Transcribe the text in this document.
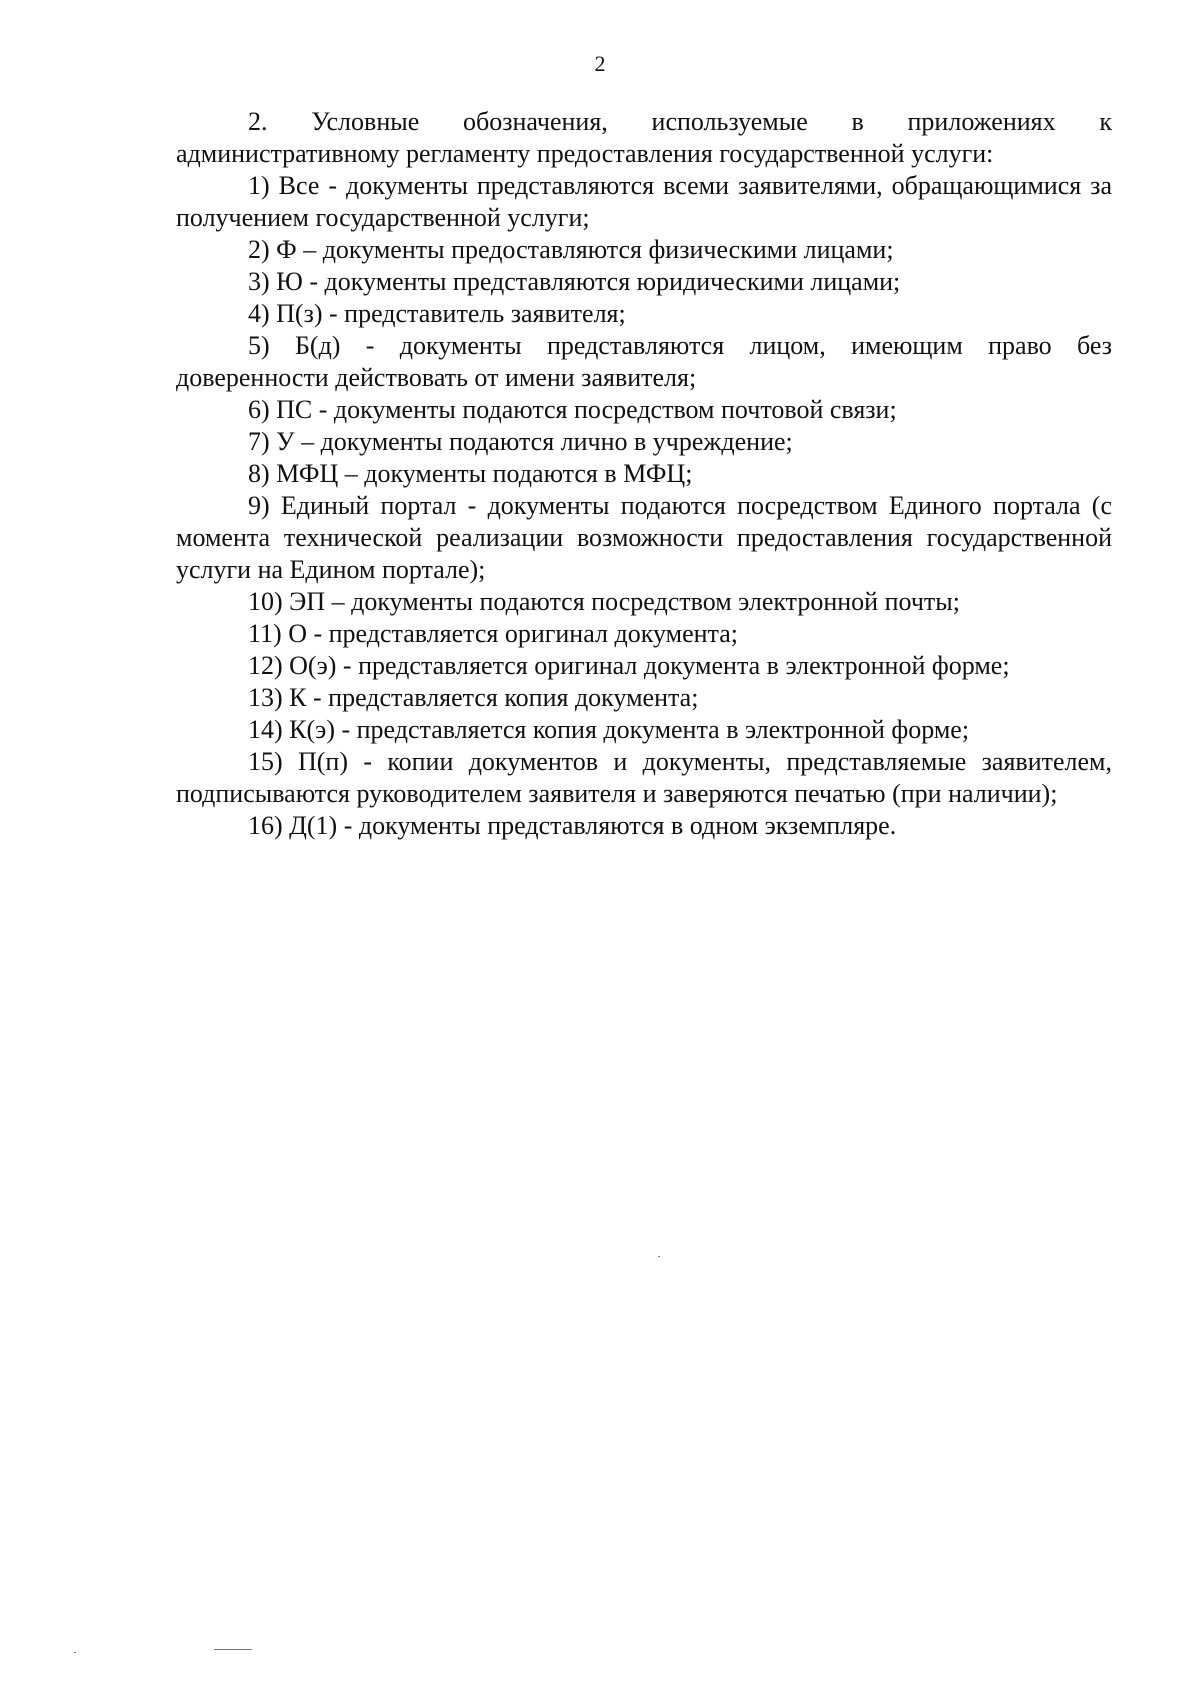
2

2. Условные обозначения, используемые в приложениях к административному регламенту предоставления государственной услуги:

1) Все - документы представляются всеми заявителями, обращающимися за получением государственной услуги;

2) Ф – документы предоставляются физическими лицами;

3) Ю - документы представляются юридическими лицами;

4) П(з) - представитель заявителя;

5) Б(д) - документы представляются лицом, имеющим право без доверенности действовать от имени заявителя;

6) ПС - документы подаются посредством почтовой связи;

7) У – документы подаются лично в учреждение;

8) МФЦ – документы подаются в МФЦ;

9) Единый портал - документы подаются посредством Единого портала (с момента технической реализации возможности предоставления государственной услуги на Едином портале);

10) ЭП – документы подаются посредством электронной почты;

11) О - представляется оригинал документа;

12) О(э) - представляется оригинал документа в электронной форме;

13) К - представляется копия документа;

14) К(э) - представляется копия документа в электронной форме;

15) П(п) - копии документов и документы, представляемые заявителем, подписываются руководителем заявителя и заверяются печатью (при наличии);

16) Д(1) - документы представляются в одном экземпляре.
